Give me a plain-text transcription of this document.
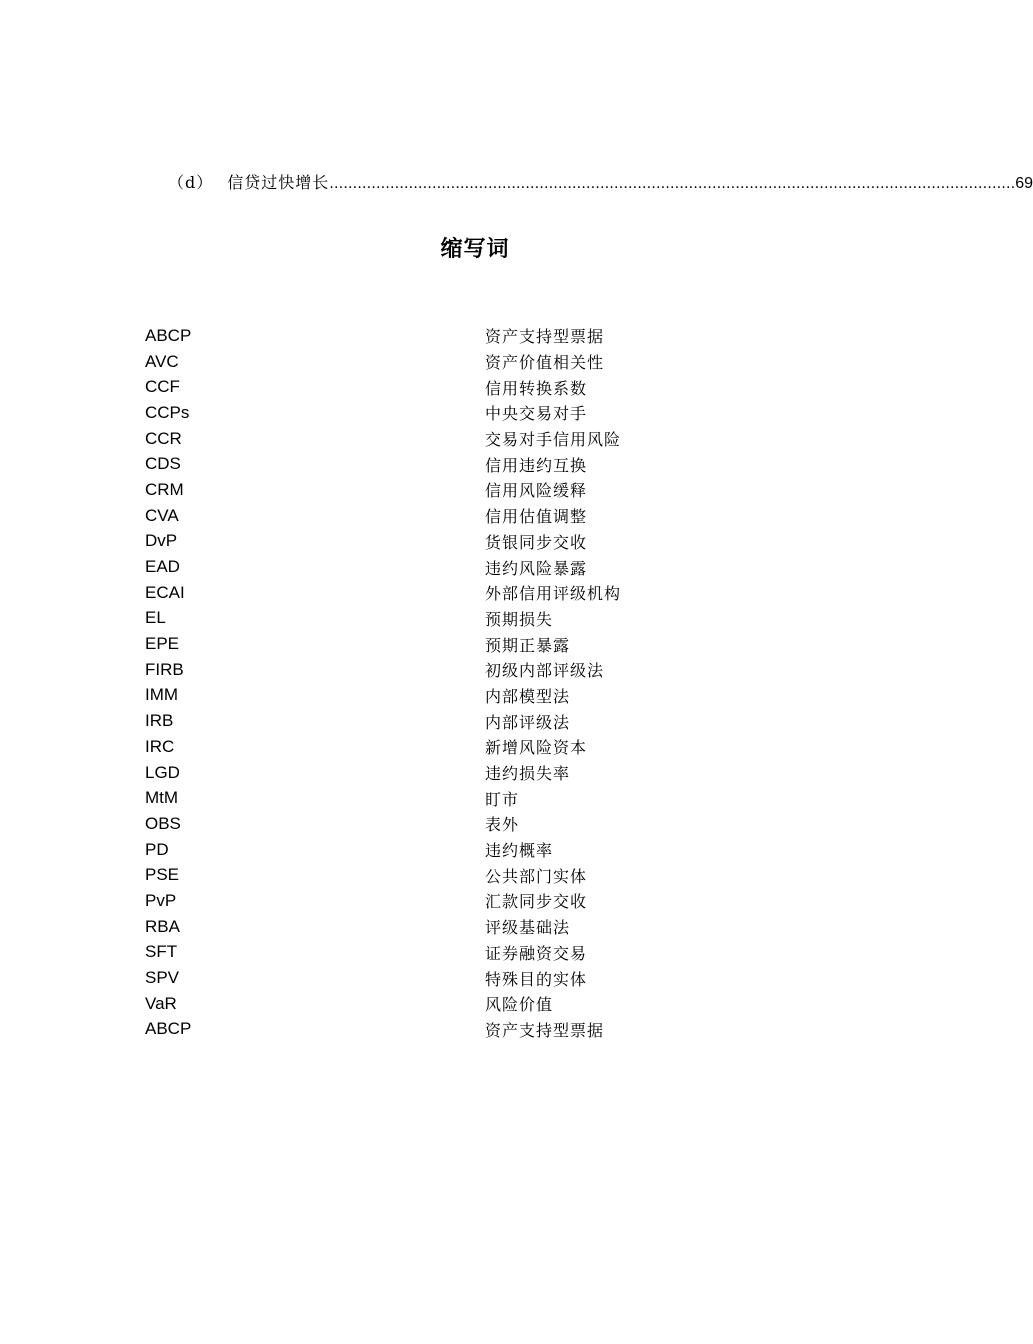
（d） 信贷过快增长 ………………………………………………………………………………………………………………………………… 69
缩写词
ABCP	资产支持型票据
AVC	资产价值相关性
CCF	信用转换系数
CCPs	中央交易对手
CCR	交易对手信用风险
CDS	信用违约互换
CRM	信用风险缓释
CVA	信用估值调整
DvP	货银同步交收
EAD	违约风险暴露
ECAI	外部信用评级机构
EL	预期损失
EPE	预期正暴露
FIRB	初级内部评级法
IMM	内部模型法
IRB	内部评级法
IRC	新增风险资本
LGD	违约损失率
MtM	盯市
OBS	表外
PD	违约概率
PSE	公共部门实体
PvP	汇款同步交收
RBA	评级基础法
SFT	证券融资交易
SPV	特殊目的实体
VaR	风险价值
ABCP	资产支持型票据
